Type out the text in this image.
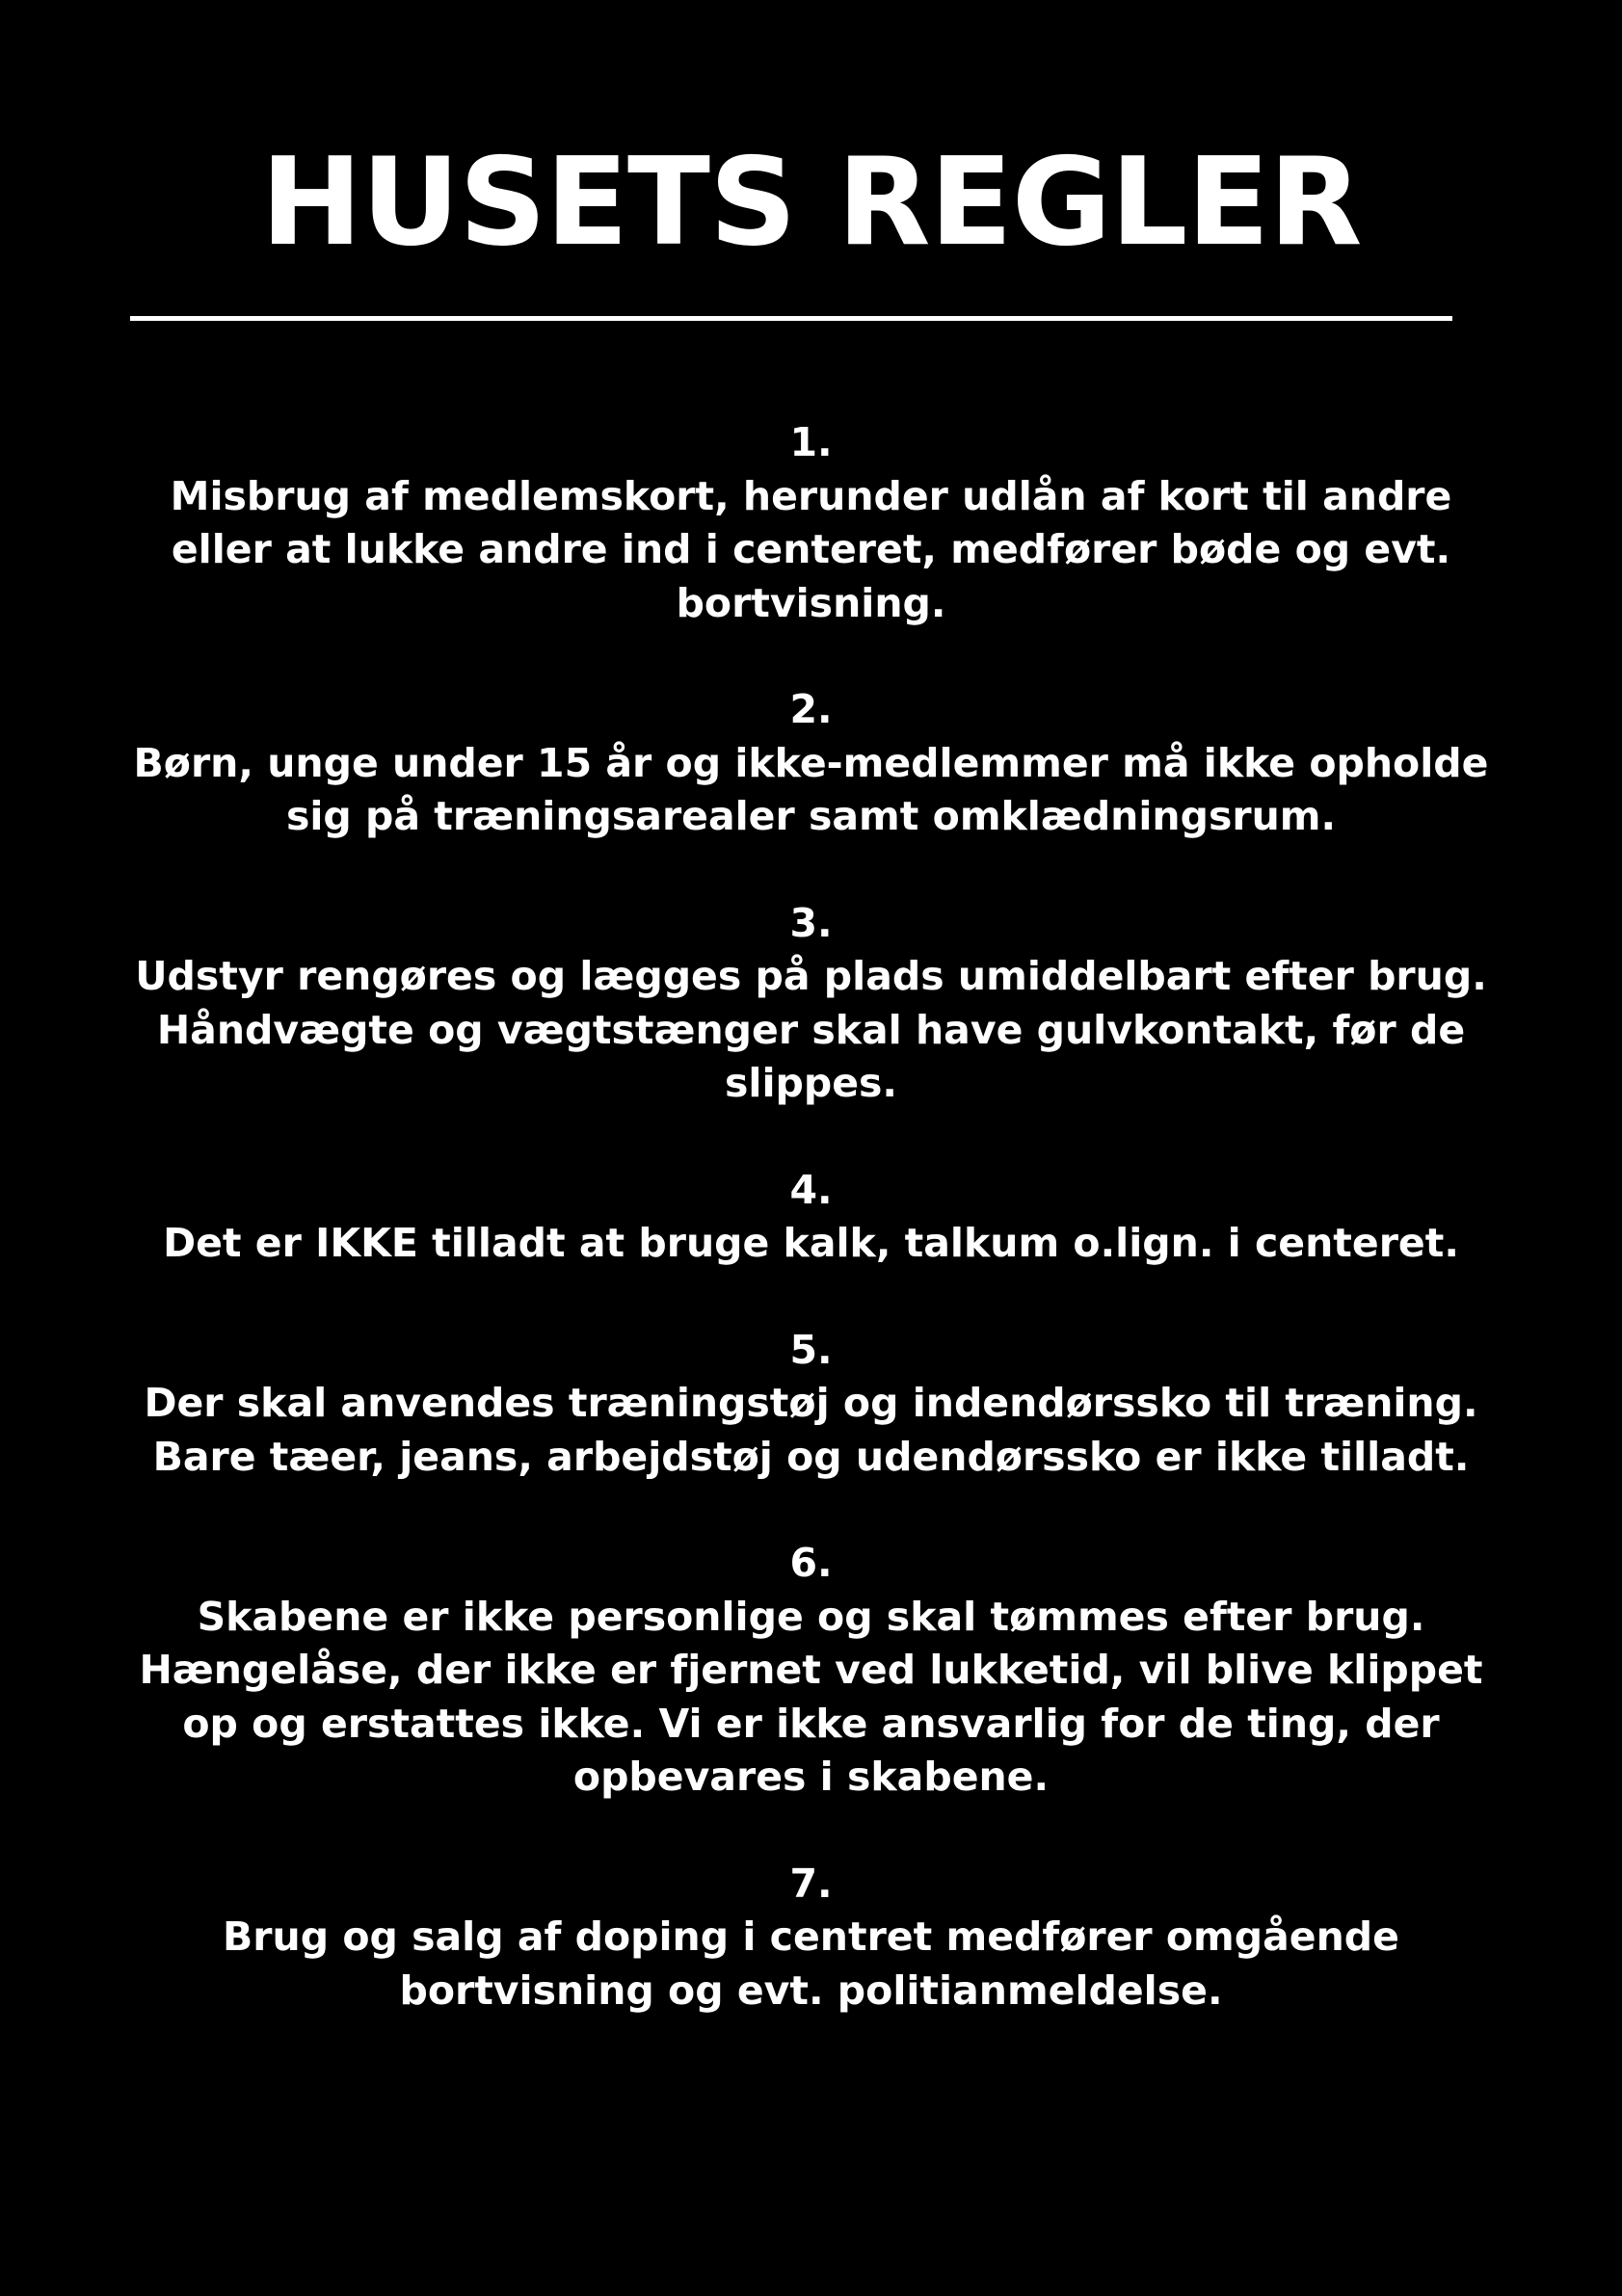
HUSETS REGLER
1.
Misbrug af medlemskort, herunder udlån af kort til andre
eller at lukke andre ind i centeret, medfører bøde og evt.
bortvisning.
2.
Børn, unge under 15 år og ikke-medlemmer må ikke opholde
sig på træningsarealer samt omklædningsrum.
3.
Udstyr rengøres og lægges på plads umiddelbart efter brug.
Håndvægte og vægtstænger skal have gulvkontakt, før de
slippes.
4.
Det er IKKE tilladt at bruge kalk, talkum o.lign. i centeret.
5.
Der skal anvendes træningstøj og indendørssko til træning.
Bare tæer, jeans, arbejdstøj og udendørssko er ikke tilladt.
6.
Skabene er ikke personlige og skal tømmes efter brug.
Hængelåse, der ikke er fjernet ved lukketid, vil blive klippet
op og erstattes ikke. Vi er ikke ansvarlig for de ting, der
opbevares i skabene.
7.
Brug og salg af doping i centret medfører omgående
bortvisning og evt. politianmeldelse.
